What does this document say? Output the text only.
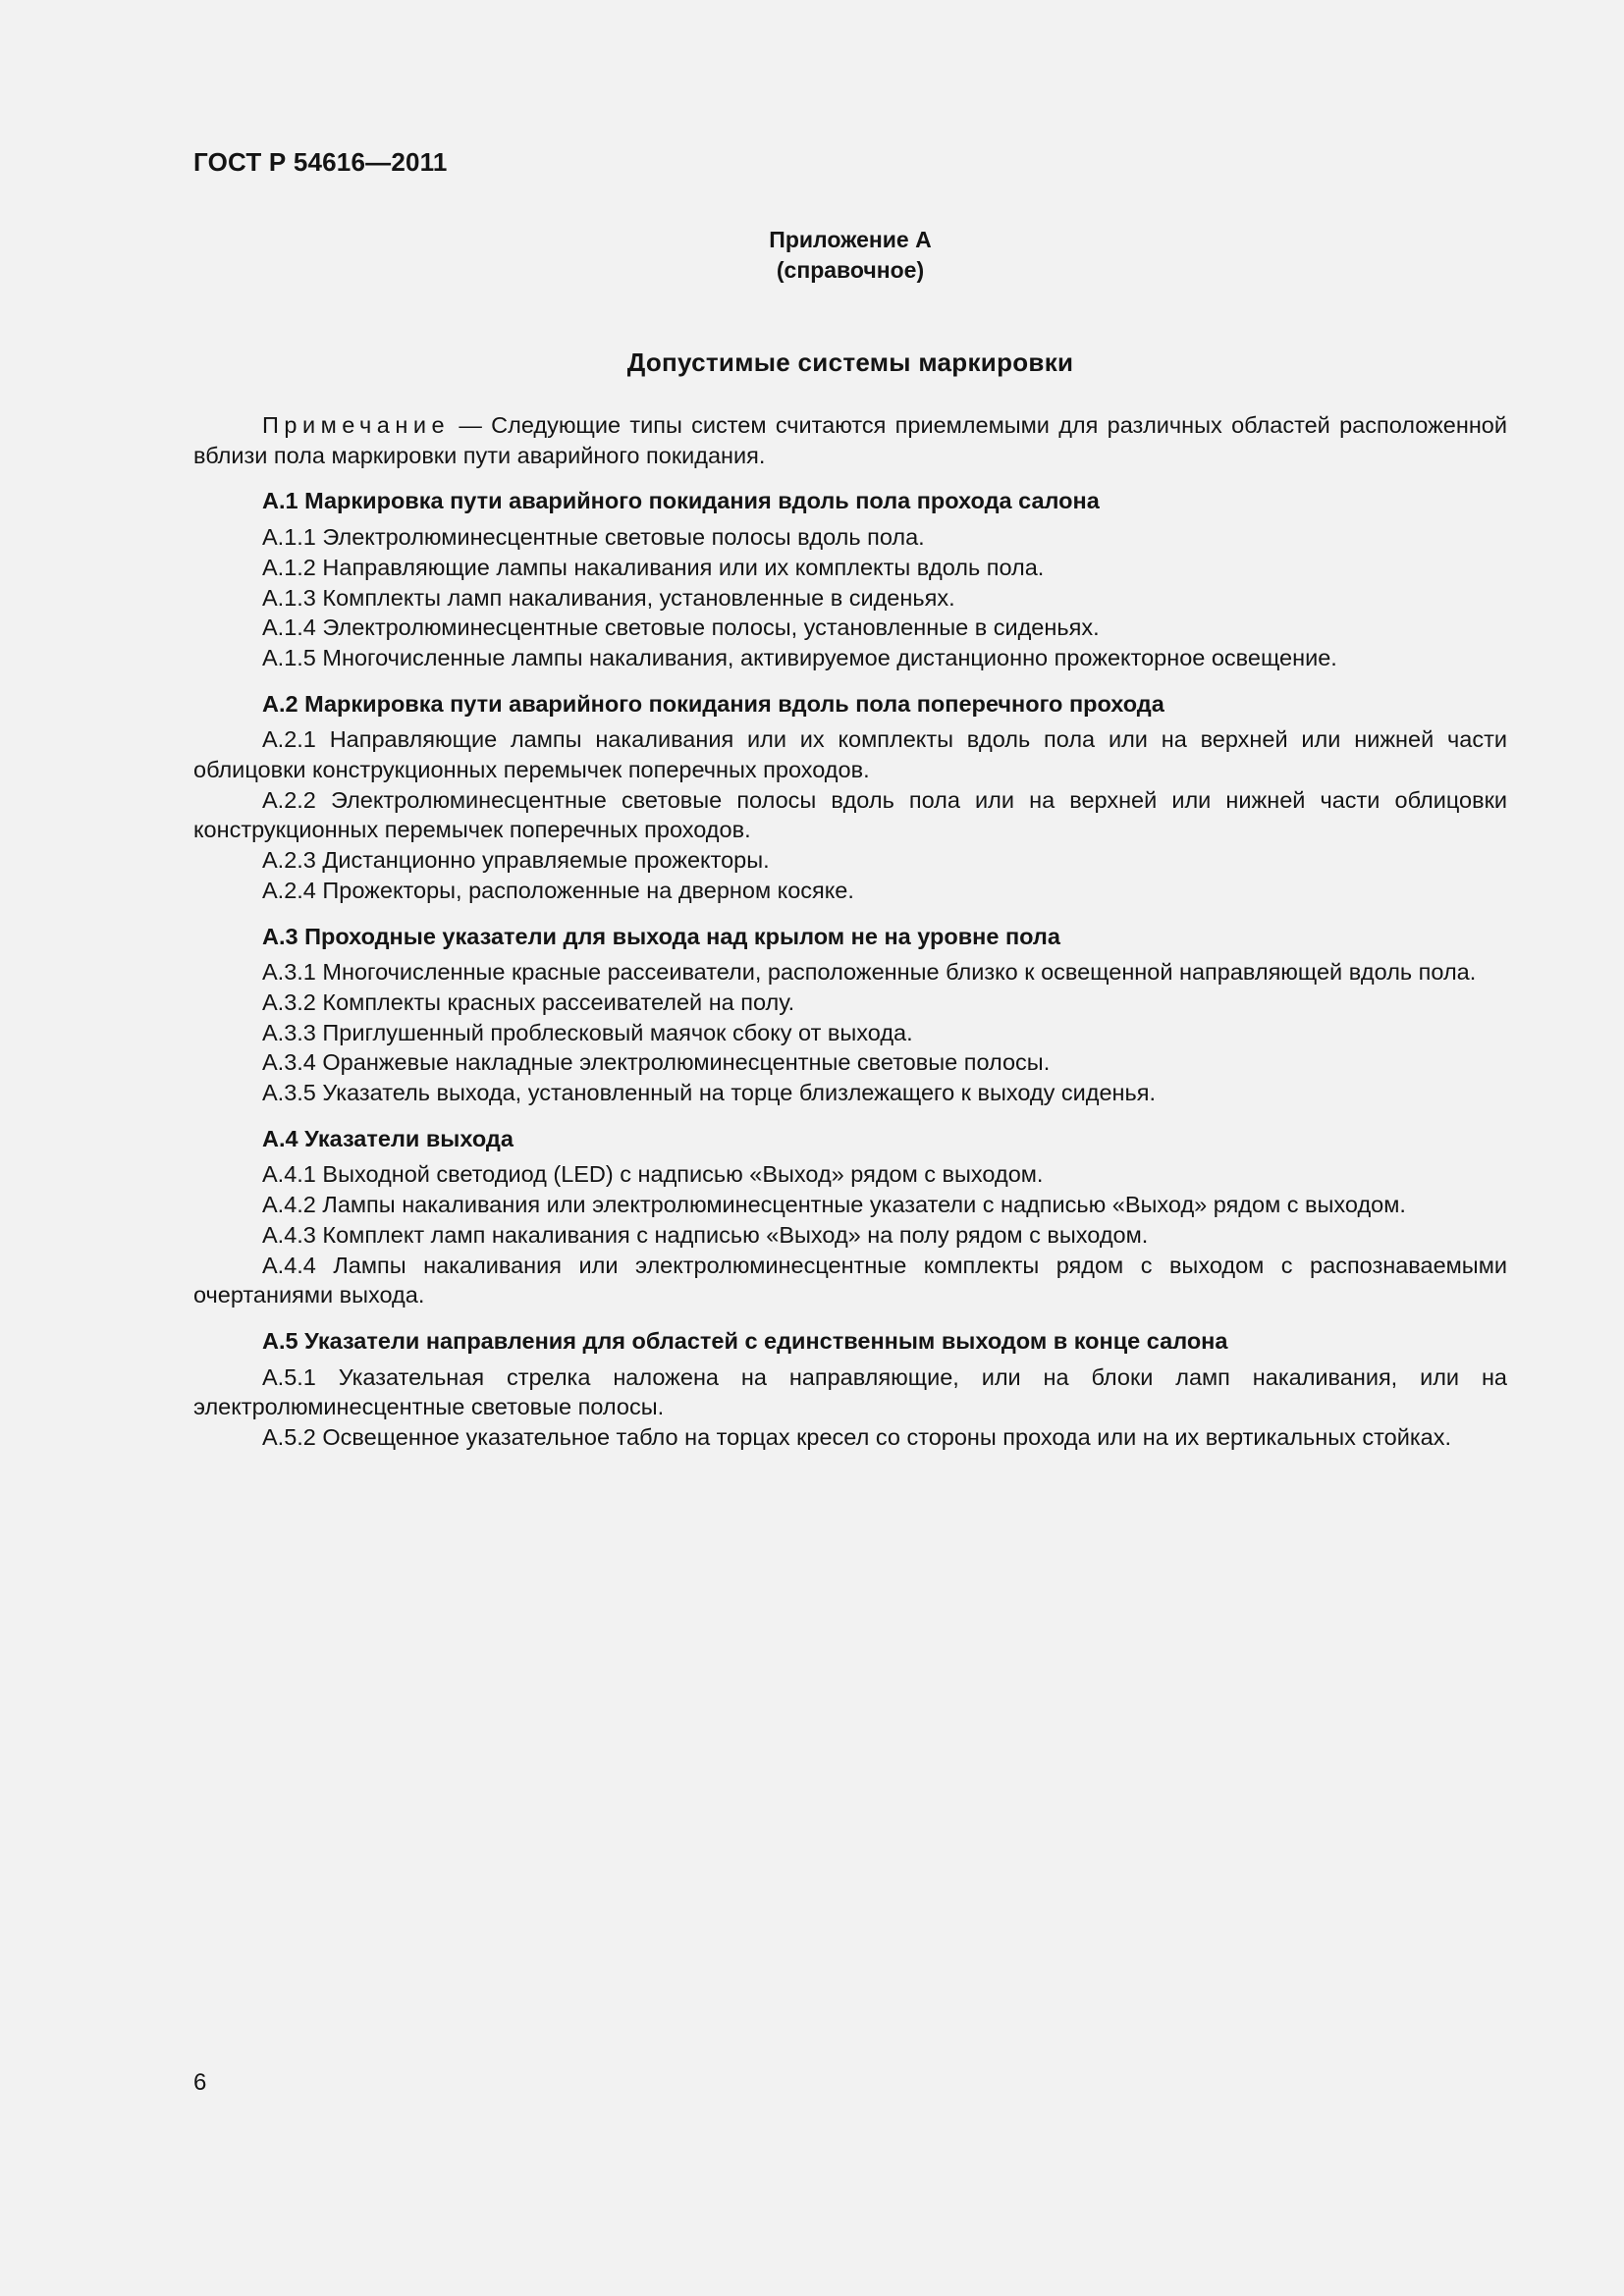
ГОСТ Р 54616—2011
Приложение А
(справочное)
Допустимые системы маркировки

Примечание — Следующие типы систем считаются приемлемыми для различных областей расположенной вблизи пола маркировки пути аварийного покидания.

А.1 Маркировка пути аварийного покидания вдоль пола прохода салона

А.1.1 Электролюминесцентные световые полосы вдоль пола.

А.1.2 Направляющие лампы накаливания или их комплекты вдоль пола.

А.1.3 Комплекты ламп накаливания, установленные в сиденьях.

А.1.4 Электролюминесцентные световые полосы, установленные в сиденьях.

А.1.5 Многочисленные лампы накаливания, активируемое дистанционно прожекторное освещение.

А.2 Маркировка пути аварийного покидания вдоль пола поперечного прохода

А.2.1 Направляющие лампы накаливания или их комплекты вдоль пола или на верхней или нижней части облицовки конструкционных перемычек поперечных проходов.

А.2.2 Электролюминесцентные световые полосы вдоль пола или на верхней или нижней части облицовки конструкционных перемычек поперечных проходов.

А.2.3 Дистанционно управляемые прожекторы.

А.2.4 Прожекторы, расположенные на дверном косяке.

А.3 Проходные указатели для выхода над крылом не на уровне пола

А.3.1 Многочисленные красные рассеиватели, расположенные близко к освещенной направляющей вдоль пола.

А.3.2 Комплекты красных рассеивателей на полу.

А.3.3 Приглушенный проблесковый маячок сбоку от выхода.

А.3.4 Оранжевые накладные электролюминесцентные световые полосы.

А.3.5 Указатель выхода, установленный на торце близлежащего к выходу сиденья.

А.4 Указатели выхода

А.4.1 Выходной светодиод (LED) с надписью «Выход» рядом с выходом.

А.4.2 Лампы накаливания или электролюминесцентные указатели с надписью «Выход» рядом с выходом.

А.4.3 Комплект ламп накаливания с надписью «Выход» на полу рядом с выходом.

А.4.4 Лампы накаливания или электролюминесцентные комплекты рядом с выходом с распознаваемыми очертаниями выхода.

А.5 Указатели направления для областей с единственным выходом в конце салона

А.5.1 Указательная стрелка наложена на направляющие, или на блоки ламп накаливания, или на электролюминесцентные световые полосы.

А.5.2 Освещенное указательное табло на торцах кресел со стороны прохода или на их вертикальных стойках.

6
